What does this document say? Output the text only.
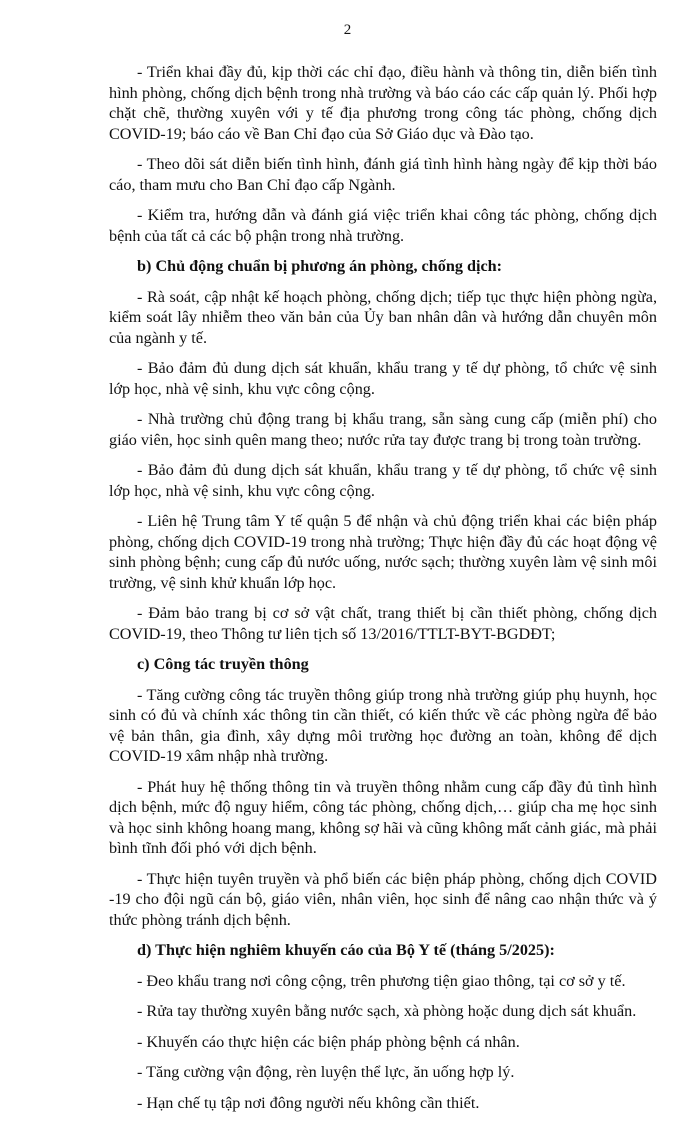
2

- Triển khai đầy đủ, kịp thời các chỉ đạo, điều hành và thông tin, diễn biến tình hình phòng, chống dịch bệnh trong nhà trường và báo cáo các cấp quản lý. Phối hợp chặt chẽ, thường xuyên với y tế địa phương trong công tác phòng, chống dịch COVID-19; báo cáo về Ban Chỉ đạo của Sở Giáo dục và Đào tạo.

- Theo dõi sát diễn biến tình hình, đánh giá tình hình hàng ngày để kịp thời báo cáo, tham mưu cho Ban Chỉ đạo cấp Ngành.

- Kiểm tra, hướng dẫn và đánh giá việc triển khai công tác phòng, chống dịch bệnh của tất cả các bộ phận trong nhà trường.

b) Chủ động chuẩn bị phương án phòng, chống dịch:

- Rà soát, cập nhật kế hoạch phòng, chống dịch; tiếp tục thực hiện phòng ngừa, kiểm soát lây nhiễm theo văn bản của Ủy ban nhân dân và hướng dẫn chuyên môn của ngành y tế.

- Bảo đảm đủ dung dịch sát khuẩn, khẩu trang y tế dự phòng, tổ chức vệ sinh lớp học, nhà vệ sinh, khu vực công cộng.

- Nhà trường chủ động trang bị khẩu trang, sẵn sàng cung cấp (miễn phí) cho giáo viên, học sinh quên mang theo; nước rửa tay được trang bị trong toàn trường.

- Bảo đảm đủ dung dịch sát khuẩn, khẩu trang y tế dự phòng, tổ chức vệ sinh lớp học, nhà vệ sinh, khu vực công cộng.

- Liên hệ Trung tâm Y tế quận 5 để nhận và chủ động triển khai các biện pháp phòng, chống dịch COVID-19 trong nhà trường; Thực hiện đầy đủ các hoạt động vệ sinh phòng bệnh; cung cấp đủ nước uống, nước sạch; thường xuyên làm vệ sinh môi trường, vệ sinh khử khuẩn lớp học.

- Đảm bảo trang bị cơ sở vật chất, trang thiết bị cần thiết phòng, chống dịch COVID-19, theo Thông tư liên tịch số 13/2016/TTLT-BYT-BGDĐT;

c) Công tác truyền thông

- Tăng cường công tác truyền thông giúp trong nhà trường giúp phụ huynh, học sinh có đủ và chính xác thông tin cần thiết, có kiến thức về các phòng ngừa để bảo vệ bản thân, gia đình, xây dựng môi trường học đường an toàn, không để dịch COVID-19 xâm nhập nhà trường.

- Phát huy hệ thống thông tin và truyền thông nhằm cung cấp đầy đủ tình hình dịch bệnh, mức độ nguy hiểm, công tác phòng, chống dịch,… giúp cha mẹ học sinh và học sinh không hoang mang, không sợ hãi và cũng không mất cảnh giác, mà phải bình tĩnh đối phó với dịch bệnh.

- Thực hiện tuyên truyền và phổ biến các biện pháp phòng, chống dịch COVID -19 cho đội ngũ cán bộ, giáo viên, nhân viên, học sinh để nâng cao nhận thức và ý thức phòng tránh dịch bệnh.

d) Thực hiện nghiêm khuyến cáo của Bộ Y tế (tháng 5/2025):

- Đeo khẩu trang nơi công cộng, trên phương tiện giao thông, tại cơ sở y tế.

- Rửa tay thường xuyên bằng nước sạch, xà phòng hoặc dung dịch sát khuẩn.

- Khuyến cáo thực hiện các biện pháp phòng bệnh cá nhân.

- Tăng cường vận động, rèn luyện thể lực, ăn uống hợp lý.

- Hạn chế tụ tập nơi đông người nếu không cần thiết.
